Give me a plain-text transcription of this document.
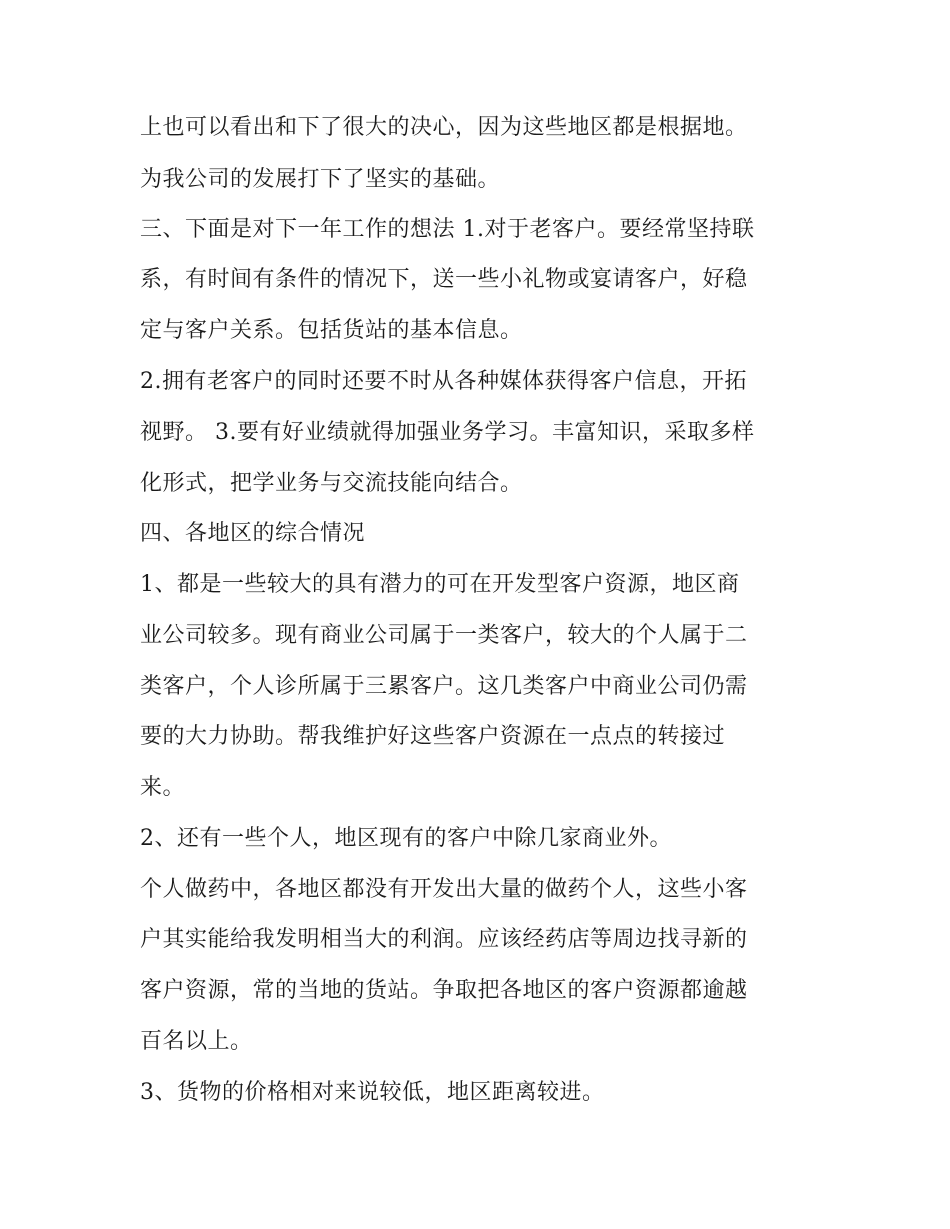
上也可以看出和下了很大的决心，因为这些地区都是根据地。
为我公司的发展打下了坚实的基础。
三、下面是对下一年工作的想法 1.对于老客户。要经常坚持联
系，有时间有条件的情况下，送一些小礼物或宴请客户，好稳
定与客户关系。包括货站的基本信息。
2.拥有老客户的同时还要不时从各种媒体获得客户信息，开拓
视野。 3.要有好业绩就得加强业务学习。丰富知识，采取多样
化形式，把学业务与交流技能向结合。
四、各地区的综合情况
1、都是一些较大的具有潜力的可在开发型客户资源，地区商
业公司较多。现有商业公司属于一类客户，较大的个人属于二
类客户，个人诊所属于三累客户。这几类客户中商业公司仍需
要的大力协助。帮我维护好这些客户资源在一点点的转接过
来。
2、还有一些个人，地区现有的客户中除几家商业外。
个人做药中，各地区都没有开发出大量的做药个人，这些小客
户其实能给我发明相当大的利润。应该经药店等周边找寻新的
客户资源，常的当地的货站。争取把各地区的客户资源都逾越
百名以上。
3、货物的价格相对来说较低，地区距离较进。
